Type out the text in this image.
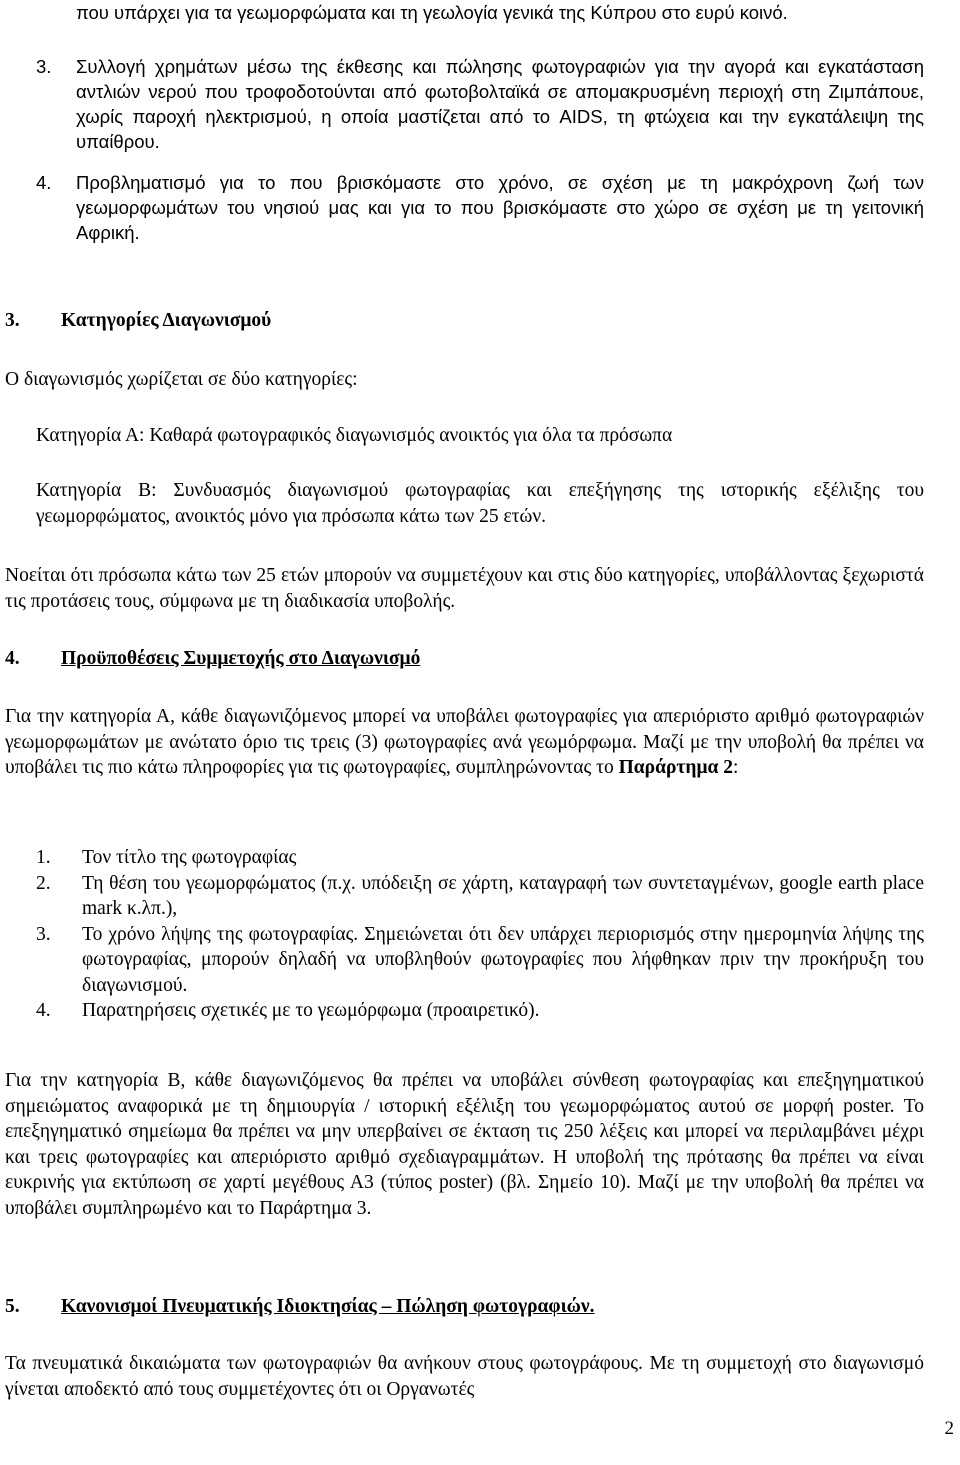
που υπάρχει για τα γεωμορφώματα και τη γεωλογία γενικά της Κύπρου στο ευρύ κοινό.
3.	Συλλογή χρημάτων μέσω της έκθεσης και πώλησης φωτογραφιών για την αγορά και εγκατάσταση αντλιών νερού που τροφοδοτούνται από φωτοβολταϊκά σε απομακρυσμένη περιοχή στη Ζιμπάπουε, χωρίς παροχή ηλεκτρισμού, η οποία μαστίζεται από το AIDS, τη φτώχεια και την εγκατάλειψη της υπαίθρου.
4.	Προβληματισμό για το που βρισκόμαστε στο χρόνο, σε σχέση με τη μακρόχρονη ζωή των γεωμορφωμάτων του νησιού μας και για το που βρισκόμαστε στο χώρο σε σχέση με τη γειτονική Αφρική.
3. Κατηγορίες Διαγωνισμού
Ο διαγωνισμός χωρίζεται σε δύο κατηγορίες:
Κατηγορία Α: Καθαρά φωτογραφικός διαγωνισμός ανοικτός για όλα τα πρόσωπα
Κατηγορία Β: Συνδυασμός διαγωνισμού φωτογραφίας και επεξήγησης της ιστορικής εξέλιξης του γεωμορφώματος, ανοικτός μόνο για πρόσωπα κάτω των 25 ετών.
Νοείται ότι πρόσωπα κάτω των 25 ετών μπορούν να συμμετέχουν και στις δύο κατηγορίες, υποβάλλοντας ξεχωριστά τις προτάσεις τους, σύμφωνα με τη διαδικασία υποβολής.
4. Προϋποθέσεις Συμμετοχής στο Διαγωνισμό
Για την κατηγορία Α, κάθε διαγωνιζόμενος μπορεί να υποβάλει φωτογραφίες για απεριόριστο αριθμό φωτογραφιών γεωμορφωμάτων με ανώτατο όριο τις τρεις (3) φωτογραφίες ανά γεωμόρφωμα. Μαζί με την υποβολή θα πρέπει να υποβάλει τις πιο κάτω πληροφορίες για τις φωτογραφίες, συμπληρώνοντας το Παράρτημα 2:
1. Τον τίτλο της φωτογραφίας
2. Τη θέση του γεωμορφώματος (π.χ. υπόδειξη σε χάρτη, καταγραφή των συντεταγμένων, google earth place mark κ.λπ.),
3. Το χρόνο λήψης της φωτογραφίας. Σημειώνεται ότι δεν υπάρχει περιορισμός στην ημερομηνία λήψης της φωτογραφίας, μπορούν δηλαδή να υποβληθούν φωτογραφίες που λήφθηκαν πριν την προκήρυξη του διαγωνισμού.
4. Παρατηρήσεις σχετικές με το γεωμόρφωμα (προαιρετικό).
Για την κατηγορία Β, κάθε διαγωνιζόμενος θα πρέπει να υποβάλει σύνθεση φωτογραφίας και επεξηγηματικού σημειώματος αναφορικά με τη δημιουργία / ιστορική εξέλιξη του γεωμορφώματος αυτού σε μορφή poster. Το επεξηγηματικό σημείωμα θα πρέπει να μην υπερβαίνει σε έκταση τις 250 λέξεις και μπορεί να περιλαμβάνει μέχρι και τρεις φωτογραφίες και απεριόριστο αριθμό σχεδιαγραμμάτων. Η υποβολή της πρότασης θα πρέπει να είναι ευκρινής για εκτύπωση σε χαρτί μεγέθους Α3 (τύπος poster) (βλ. Σημείο 10). Μαζί με την υποβολή θα πρέπει να υποβάλει συμπληρωμένο και το Παράρτημα 3.
5. Κανονισμοί Πνευματικής Ιδιοκτησίας – Πώληση φωτογραφιών.
Τα πνευματικά δικαιώματα των φωτογραφιών θα ανήκουν στους φωτογράφους. Με τη συμμετοχή στο διαγωνισμό γίνεται αποδεκτό από τους συμμετέχοντες ότι οι Οργανωτές
2
